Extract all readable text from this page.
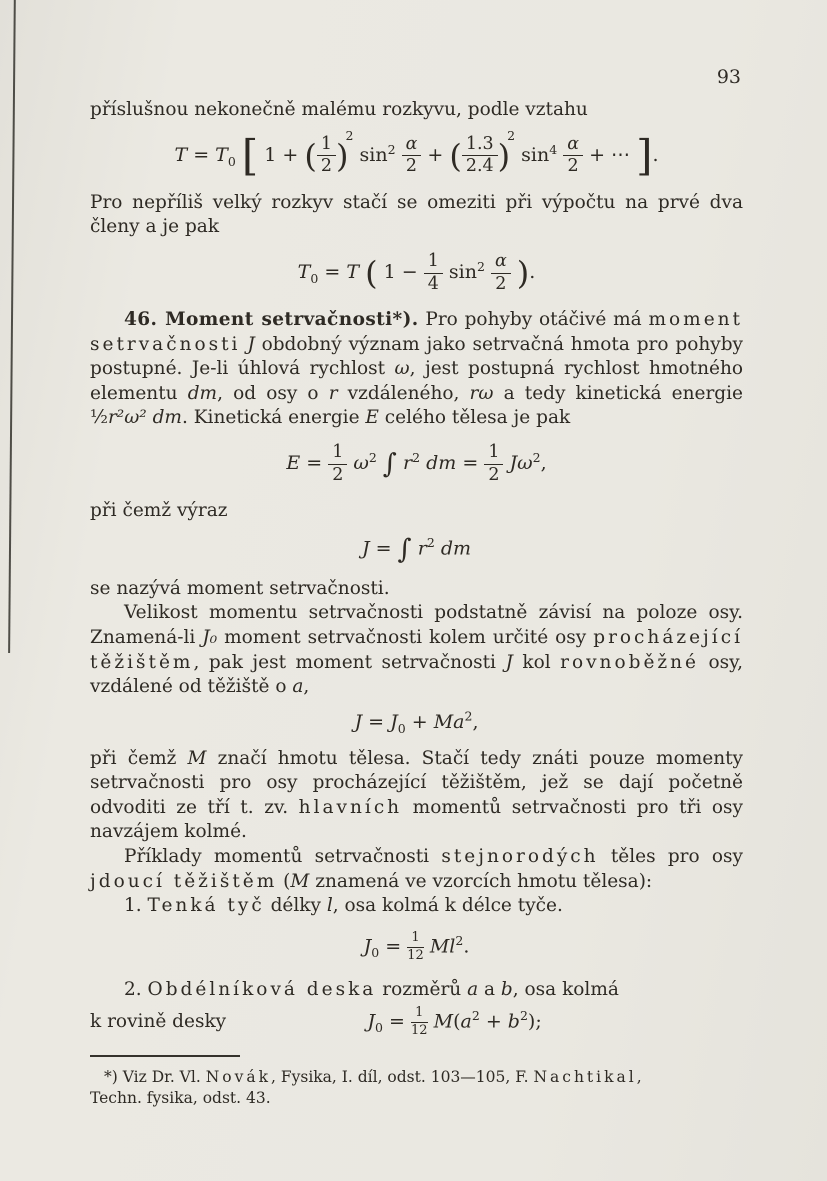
93

příslušnou nekonečně malému rozkyvu, podle vztahu

$T = T_0$ [ 1 + ( $\frac{1}{2} )^2$ $\sin^2 \frac{\alpha}{2}$ + ( $\frac{1.3}{2.4} )^2$ $\sin^4 \frac{\alpha}{2}$ + ⋯ ].

Pro nepříliš velký rozkyv stačí se omeziti při výpočtu na prvé dva členy a je pak

$T_0 = T$ ( $1 - \frac{1}{4} \sin^2 \frac{\alpha}{2}$ ).

46. Moment setrvačnosti*). Pro pohyby otáčivé má moment setrvačnosti J obdobný význam jako setrvačná hmota pro pohyby postupné. Je-li úhlová rychlost ω, jest postupná rychlost hmotného elementu dm, od osy o r vzdáleného, rω a tedy kinetická energie ½r²ω² dm. Kinetická energie E celého tělesa je pak

$E = \frac{1}{2} \omega^2$ ∫ $r^2$ dm = $\frac{1}{2} J\omega^2$,

při čemž výraz

J = ∫ $r^2$ dm

se nazývá moment setrvačnosti.

Velikost momentu setrvačnosti podstatně závisí na poloze osy. Znamená-li J₀ moment setrvačnosti kolem určité osy procházející těžištěm, pak jest moment setrvačnosti J kol rovnoběžné osy, vzdálené od těžiště o a,

$J = J_0 + Ma^2$,

při čemž M značí hmotu tělesa. Stačí tedy znáti pouze momenty setrvačnosti pro osy procházející těžištěm, jež se dají početně odvoditi ze tří t. zv. hlavních momentů setrvačnosti pro tři osy navzájem kolmé.

Příklady momentů setrvačnosti stejnorodých těles pro osy jdoucí těžištěm (M znamená ve vzorcích hmotu tělesa):

1. Tenká tyč délky l, osa kolmá k délce tyče.

$J_0 = \frac{1}{12} Ml^2$.

2. Obdélníková deska rozměrů a a b, osa kolmá

k rovině desky	$J_0 = \frac{1}{12} M(a^2 + b^2)$;

*) Viz Dr. Vl. Novák, Fysika, I. díl, odst. 103—105, F. Nachtikal,

Techn. fysika, odst. 43.
